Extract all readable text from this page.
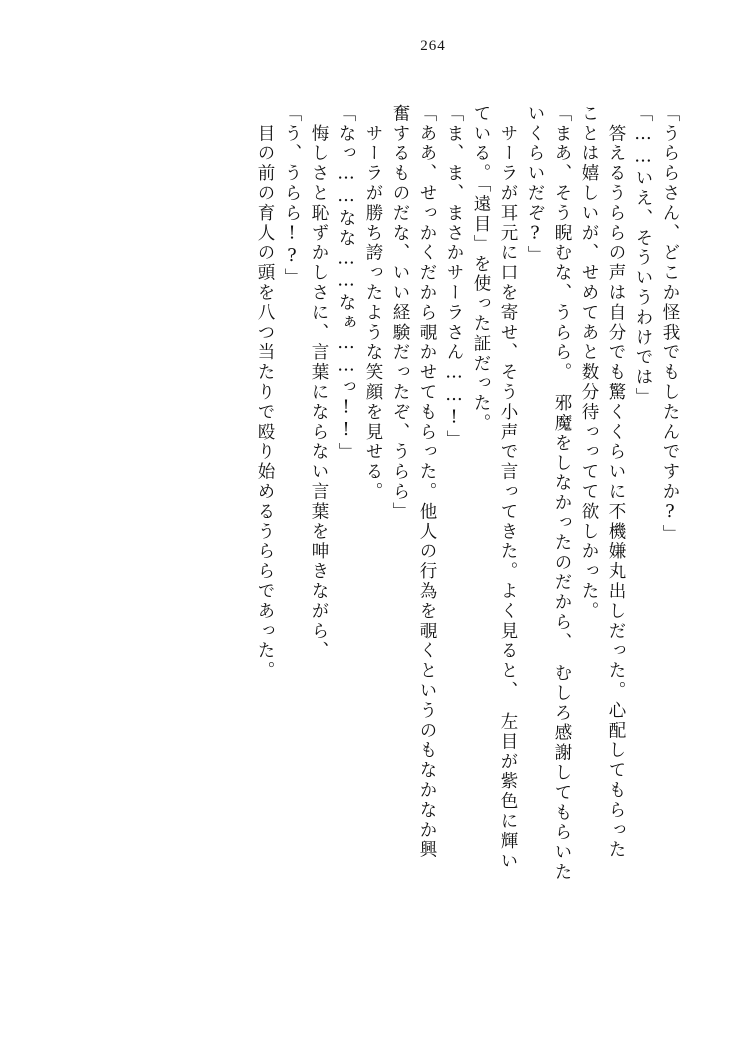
264
「うららさん、どこか怪我でもしたんですか?」
「……いえ、そういうわけでは」
　答えるうららの声は自分でも驚くくらいに不機嫌丸出しだった。心配してもらった
ことは嬉しいが、せめてあと数分待っってて欲しかった。
「まあ、そう睨むな、うらら。　邪魔をしなかったのだから、　むしろ感謝してもらいた
いくらいだぞ?」
　サーラが耳元に口を寄せ、そう小声で言ってきた。よく見ると、　左目が紫色に輝い
ている。「遠目」を使った証だった。
「ま、ま、まさかサーラさん……!」
「ああ、せっかくだから覗かせてもらった。他人の行為を覗くというのもなかなか興
奮するものだな、いい経験だったぞ、うらら」
　サーラが勝ち誇ったような笑顔を見せる。
「なっ……なな……なぁ……っ!!」
　悔しさと恥ずかしさに、言葉にならない言葉を呻きながら、
「う、うらら!?」
　目の前の育人の頭を八つ当たりで殴り始めるうららであった。
